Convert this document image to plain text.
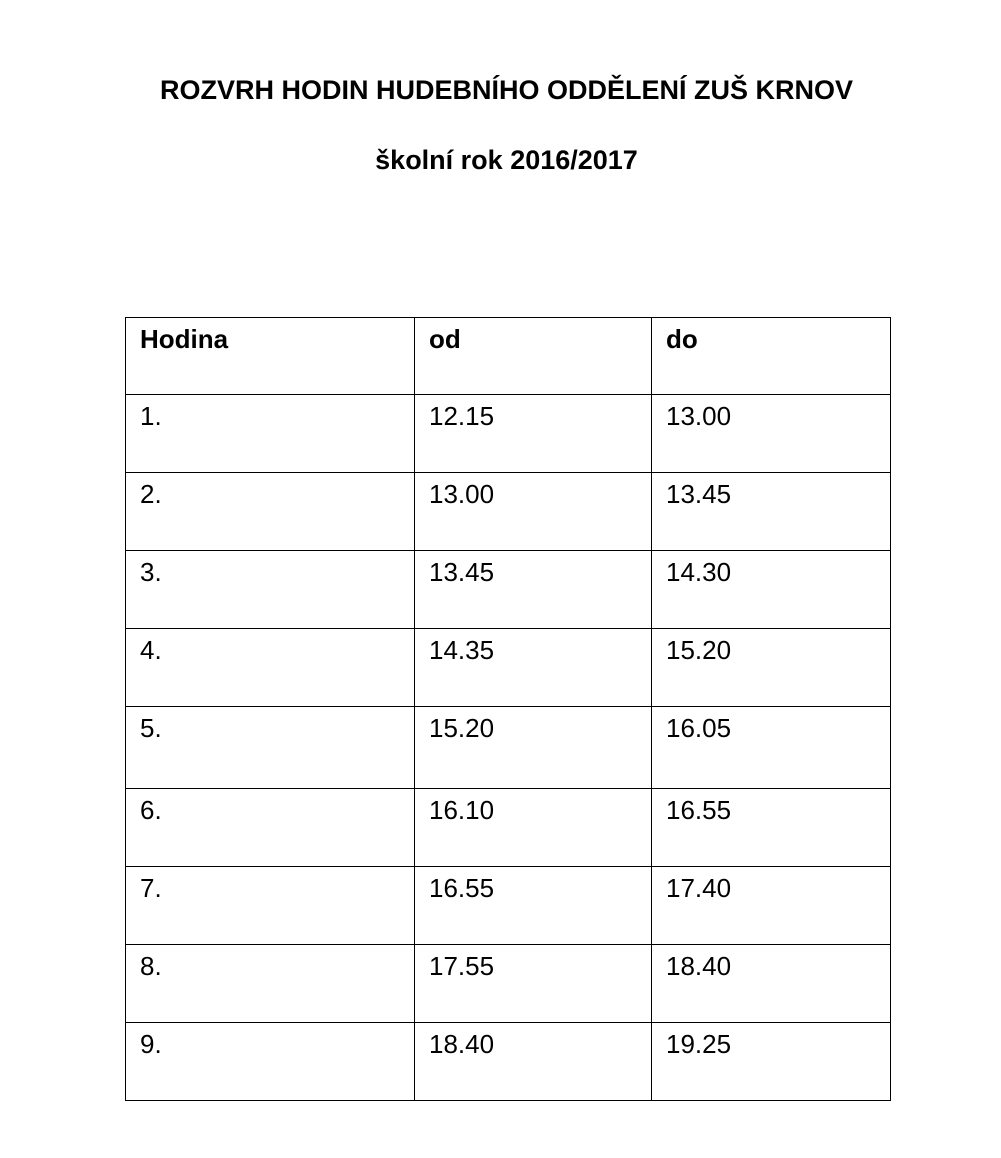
ROZVRH HODIN HUDEBNÍHO ODDĚLENÍ ZUŠ KRNOV
školní rok 2016/2017
Hodina	od	do
1.	12.15	13.00
2.	13.00	13.45
3.	13.45	14.30
4.	14.35	15.20
5.	15.20	16.05
6.	16.10	16.55
7.	16.55	17.40
8.	17.55	18.40
9.	18.40	19.25
